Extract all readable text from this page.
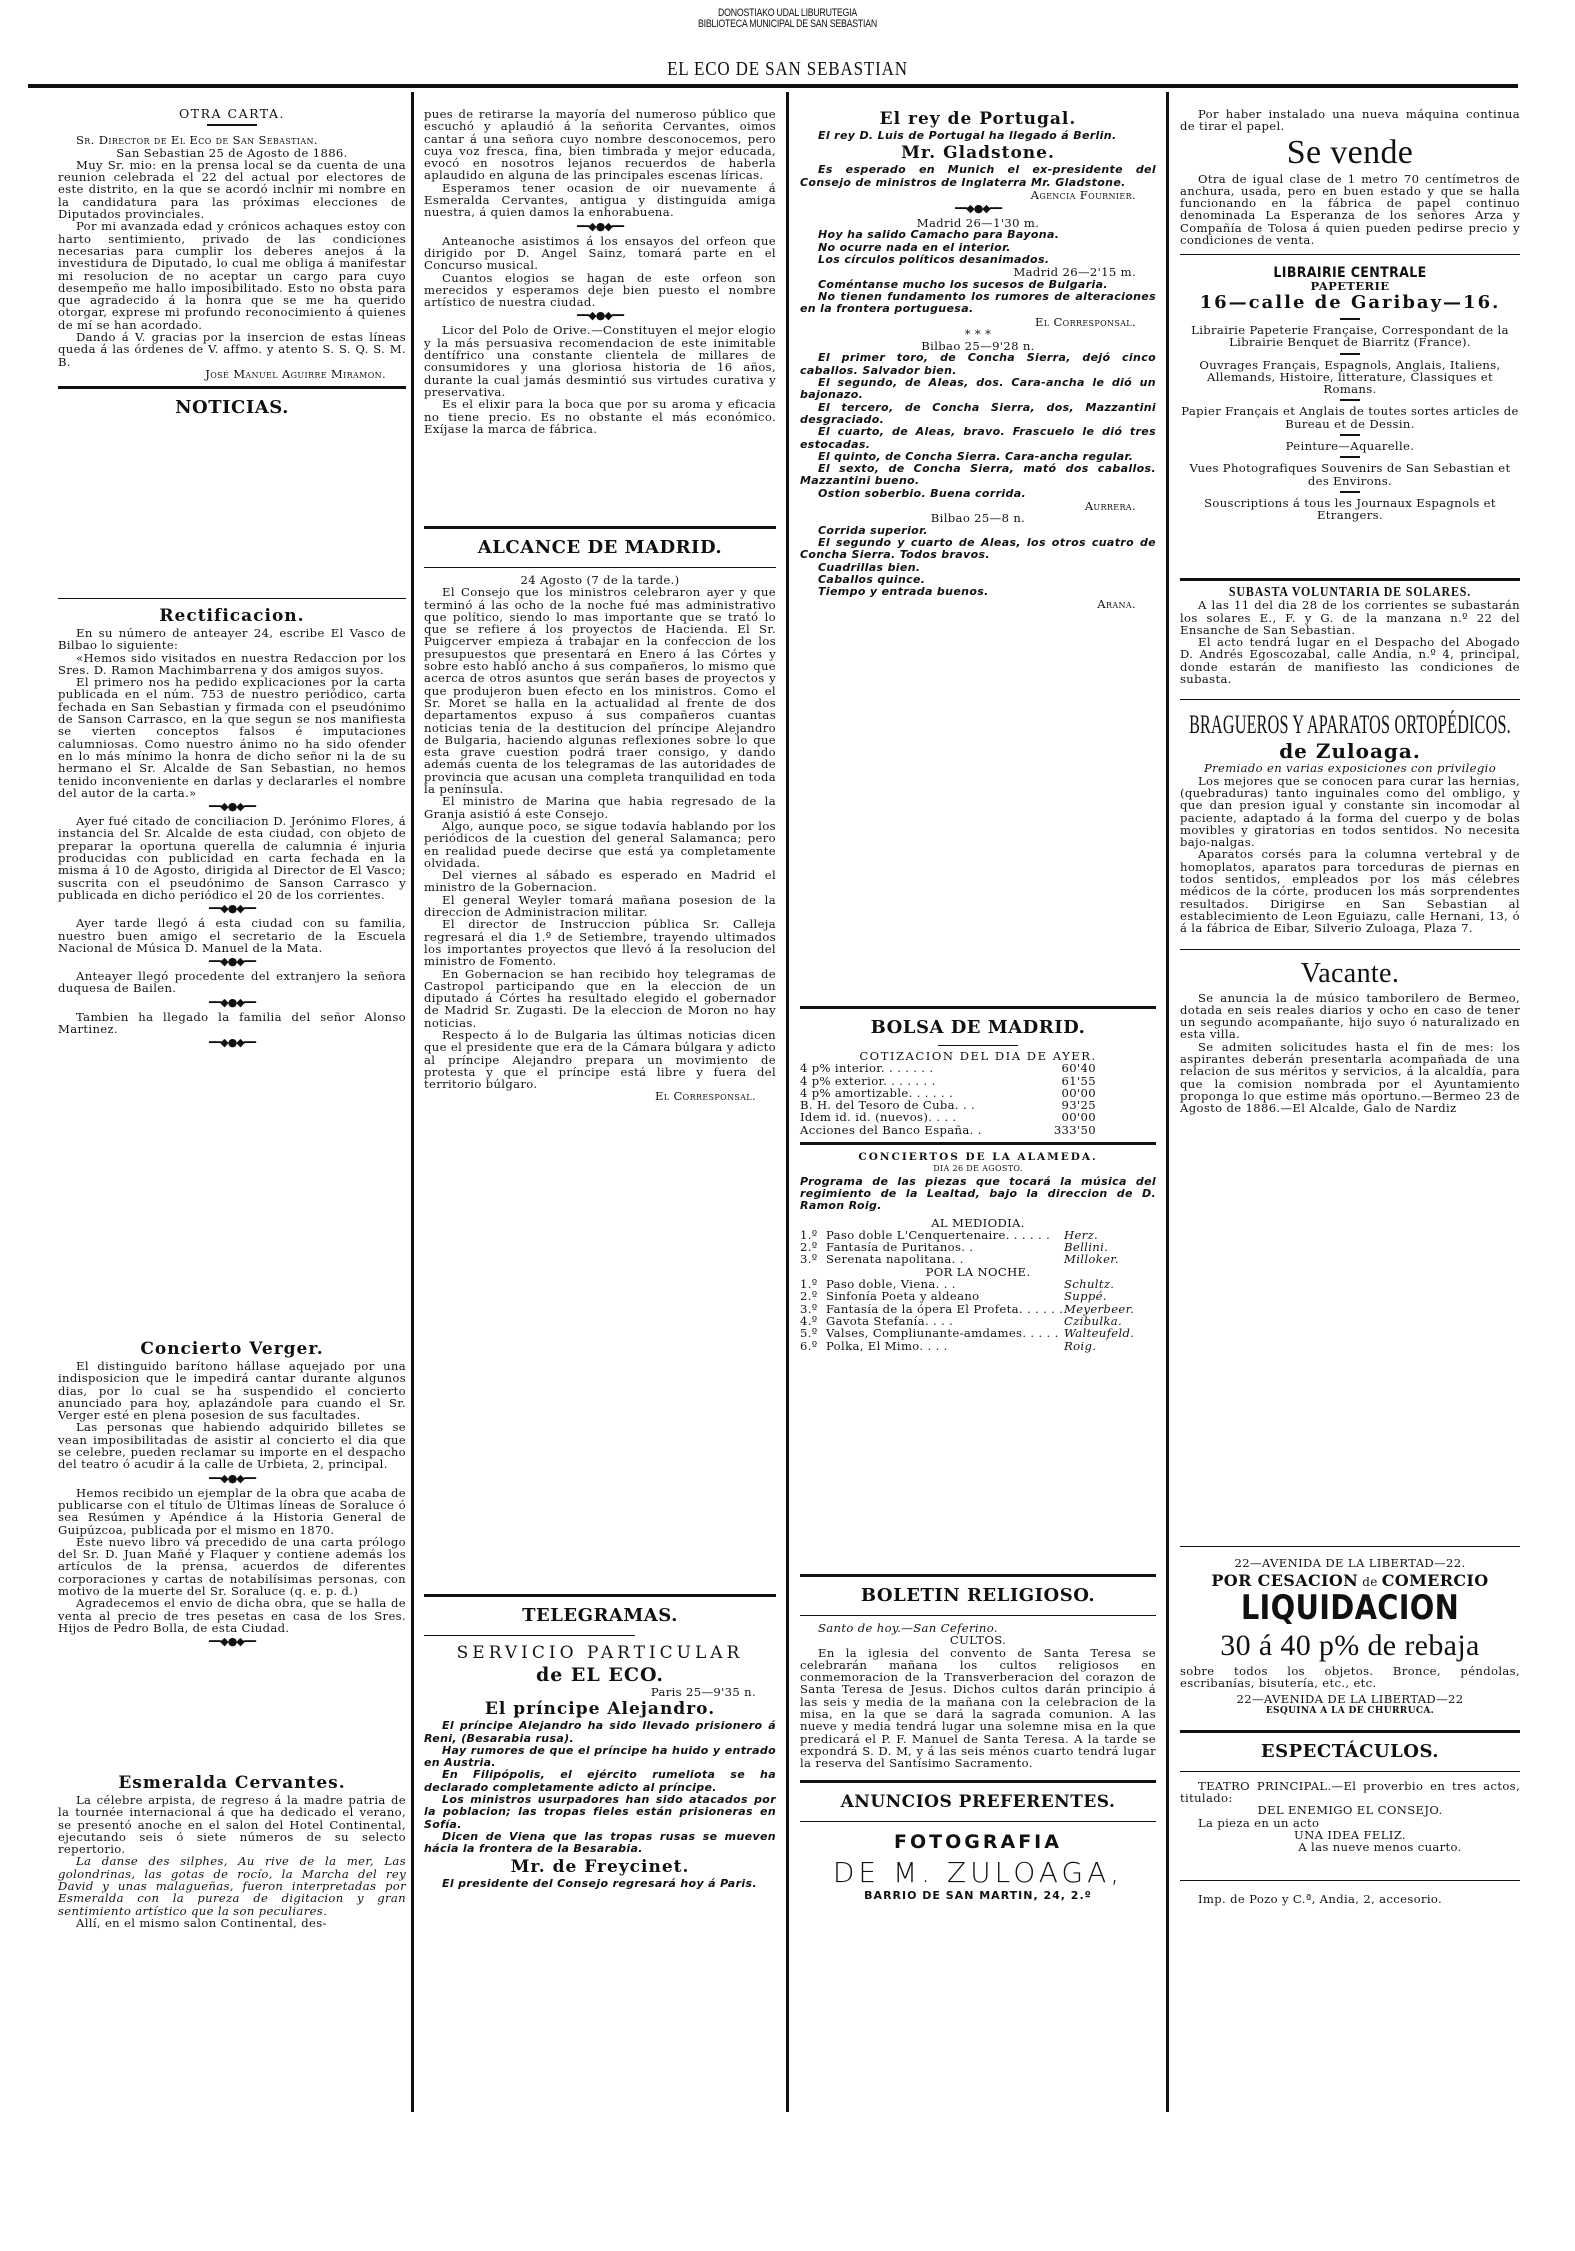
DONOSTIAKO UDAL LIBURUTEGIA
BIBLIOTECA MUNICIPAL DE SAN SEBASTIAN
EL ECO DE SAN SEBASTIAN

OTRA CARTA.

Sr. Director de El Eco de San Sebastian.

San Sebastian 25 de Agosto de 1886.

Muy Sr. mio: en la prensa local se da cuenta de una reunion celebrada el 22 del actual por electores de este distrito, en la que se acordó inclnir mi nombre en la candidatura para las próximas elecciones de Diputados provinciales.

Por mi avanzada edad y crónicos achaques estoy con harto sentimiento, privado de las condiciones necesarias para cumplir los deberes anejos á la investidura de Diputado, lo cual me obliga á manifestar mi resolucion de no aceptar un cargo para cuyo desempeño me hallo imposibilitado. Esto no obsta para que agradecido á la honra que se me ha querido otorgar, exprese mi profundo reconocimiento á quienes de mí se han acordado.

Dando á V. gracias por la insercion de estas líneas queda á las órdenes de V. affmo. y atento S. S. Q. S. M. B.

José Manuel Aguirre Miramon.

NOTICIAS.
Rectificacion.

En su número de anteayer 24, escribe El Vasco de Bilbao lo siguiente:

«Hemos sido visitados en nuestra Redaccion por los Sres. D. Ramon Machimbarrena y dos amigos suyos.

El primero nos ha pedido explicaciones por la carta publicada en el núm. 753 de nuestro periódico, carta fechada en San Sebastian y firmada con el pseudónimo de Sanson Carrasco, en la que segun se nos manifiesta se vierten conceptos falsos é imputaciones calumniosas. Como nuestro ánimo no ha sido ofender en lo más mínimo la honra de dicho señor ni la de su hermano el Sr. Alcalde de San Sebastian, no hemos tenido inconveniente en darlas y declararles el nombre del autor de la carta.»

━━◆●◆━━

Ayer fué citado de conciliacion D. Jerónimo Flores, á instancia del Sr. Alcalde de esta ciudad, con objeto de preparar la oportuna querella de calumnia é injuria producidas con publicidad en carta fechada en la misma á 10 de Agosto, dirigida al Director de El Vasco; suscrita con el pseudónimo de Sanson Carrasco y publicada en dicho periódico el 20 de los corrientes.

━━◆●◆━━

Ayer tarde llegó á esta ciudad con su familia, nuestro buen amigo el secretario de la Escuela Nacional de Música D. Manuel de la Mata.

━━◆●◆━━

Anteayer llegó procedente del extranjero la señora duquesa de Bailen.

━━◆●◆━━

Tambien ha llegado la familia del señor Alonso Martinez.

━━◆●◆━━
Concierto Verger.

El distinguido barítono hállase aquejado por una indisposicion que le impedirá cantar durante algunos dias, por lo cual se ha suspendido el concierto anunciado para hoy, aplazándole para cuando el Sr. Verger esté en plena posesion de sus facultades.

Las personas que habiendo adquirido billetes se vean imposibilitadas de asistir al concierto el dia que se celebre, pueden reclamar su importe en el despacho del teatro ó acudir á la calle de Urbieta, 2, principal.

━━◆●◆━━

Hemos recibido un ejemplar de la obra que acaba de publicarse con el título de Últimas líneas de Soraluce ó sea Resúmen y Apéndice á la Historia General de Guipúzcoa, publicada por el mismo en 1870.

Este nuevo libro vá precedido de una carta prólogo del Sr. D. Juan Mañé y Flaquer y contiene además los artículos de la prensa, acuerdos de diferentes corporaciones y cartas de notabilísimas personas, con motivo de la muerte del Sr. Soraluce (q. e. p. d.)

Agradecemos el envio de dicha obra, que se halla de venta al precio de tres pesetas en casa de los Sres. Hijos de Pedro Bolla, de esta Ciudad.

━━◆●◆━━
Esmeralda Cervantes.

La célebre arpista, de regreso á la madre patria de la tournée internacional á que ha dedicado el verano, se presentó anoche en el salon del Hotel Continental, ejecutando seis ó siete números de su selecto repertorio.

La danse des silphes, Au rive de la mer, Las golondrinas, las gotas de rocío, la Marcha del rey David y unas malagueñas, fueron interpretadas por Esmeralda con la pureza de digitacion y gran sentimiento artístico que la son peculiares.

Allí, en el mismo salon Continental, des-

pues de retirarse la mayoría del numeroso público que escuchó y aplaudió á la señorita Cervantes, oimos cantar á una señora cuyo nombre desconocemos, pero cuya voz fresca, fina, bien timbrada y mejor educada, evocó en nosotros lejanos recuerdos de haberla aplaudido en alguna de las principales escenas líricas.

Esperamos tener ocasion de oir nuevamente á Esmeralda Cervantes, antigua y distinguida amiga nuestra, á quien damos la enhorabuena.

━━◆●◆━━

Anteanoche asistimos á los ensayos del orfeon que dirigido por D. Angel Sainz, tomará parte en el Concurso musical.

Cuantos elogios se hagan de este orfeon son merecidos y esperamos deje bien puesto el nombre artístico de nuestra ciudad.

━━◆●◆━━

Licor del Polo de Orive.—Constituyen el mejor elogio y la más persuasiva recomendacion de este inimitable dentífrico una constante clientela de millares de consumidores y una gloriosa historia de 16 años, durante la cual jamás desmintió sus virtudes curativa y preservativa.

Es el elixir para la boca que por su aroma y eficacia no tiene precio. Es no obstante el más económico. Exíjase la marca de fábrica.

ALCANCE DE MADRID.

24 Agosto (7 de la tarde.)

El Consejo que los ministros celebraron ayer y que terminó á las ocho de la noche fué mas administrativo que político, siendo lo mas importante que se trató lo que se refiere á los proyectos de Hacienda. El Sr. Puigcerver empieza á trabajar en la confeccion de los presupuestos que presentará en Enero á las Córtes y sobre esto habló ancho á sus compañeros, lo mismo que acerca de otros asuntos que serán bases de proyectos y que produjeron buen efecto en los ministros. Como el Sr. Moret se halla en la actualidad al frente de dos departamentos expuso á sus compañeros cuantas noticias tenia de la destitucion del príncipe Alejandro de Bulgaria, haciendo algunas reflexiones sobre lo que esta grave cuestion podrá traer consigo, y dando además cuenta de los telegramas de las autoridades de provincia que acusan una completa tranquilidad en toda la península.

El ministro de Marina que habia regresado de la Granja asistió á este Consejo.

Algo, aunque poco, se sigue todavía hablando por los periódicos de la cuestion del general Salamanca; pero en realidad puede decirse que está ya completamente olvidada.

Del viernes al sábado es esperado en Madrid el ministro de la Gobernacion.

El general Weyler tomará mañana posesion de la direccion de Administracion militar.

El director de Instruccion pública Sr. Calleja regresará el dia 1.º de Setiembre, trayendo ultimados los importantes proyectos que llevó á la resolucion del ministro de Fomento.

En Gobernacion se han recibido hoy telegramas de Castropol participando que en la eleccion de un diputado á Córtes ha resultado elegido el gobernador de Madrid Sr. Zugasti. De la eleccion de Moron no hay noticias.

Respecto á lo de Bulgaria las últimas noticias dicen que el presidente que era de la Cámara búlgara y adicto al príncipe Alejandro prepara un movimiento de protesta y que el príncipe está libre y fuera del territorio búlgaro.

El Corresponsal.

TELEGRAMAS.
SERVICIO PARTICULAR
de EL ECO.

Paris 25—9'35 n.

El príncipe Alejandro.

El príncipe Alejandro ha sido llevado prisionero á Reni, (Besarabia rusa).

Hay rumores de que el príncipe ha huido y entrado en Austria.

En Filipópolis, el ejército rumeliota se ha declarado completamente adicto al príncipe.

Los ministros usurpadores han sido atacados por la poblacion; las tropas fieles están prisioneras en Sofía.

Dicen de Viena que las tropas rusas se mueven hácia la frontera de la Besarabia.

Mr. de Freycinet.

El presidente del Consejo regresará hoy á Paris.

El rey de Portugal.

El rey D. Luis de Portugal ha llegado á Berlin.

Mr. Gladstone.

Es esperado en Munich el ex-presidente del Consejo de ministros de Inglaterra Mr. Gladstone.

Agencia Fournier.

━━◆●◆━━

Madrid 26—1'30 m.

Hoy ha salido Camacho para Bayona.

No ocurre nada en el interior.

Los círculos políticos desanimados.

Madrid 26—2'15 m.

Coméntanse mucho los sucesos de Bulgaria.

No tienen fundamento los rumores de alteraciones en la frontera portuguesa.

El Corresponsal.

* * *

Bilbao 25—9'28 n.

El primer toro, de Concha Sierra, dejó cinco caballos. Salvador bien.

El segundo, de Aleas, dos. Cara-ancha le dió un bajonazo.

El tercero, de Concha Sierra, dos, Mazzantini desgraciado.

El cuarto, de Aleas, bravo. Frascuelo le dió tres estocadas.

El quinto, de Concha Sierra. Cara-ancha regular.

El sexto, de Concha Sierra, mató dos caballos. Mazzantini bueno.

Ostion soberbio. Buena corrida.

Aurrera.

Bilbao 25—8 n.

Corrida superior.

El segundo y cuarto de Aleas, los otros cuatro de Concha Sierra. Todos bravos.

Cuadrillas bien.

Caballos quince.

Tiempo y entrada buenos.

Arana.

BOLSA DE MADRID.

COTIZACION DEL DIA DE AYER.

4 p% interior. . . . . . .	60'40
4 p% exterior. . . . . . .	61'55
4 p% amortizable. . . . . .	00'00
B. H. del Tesoro de Cuba. . .	93'25
Idem id. id. (nuevos). . . .	00'00
Acciones del Banco España. .	333'50

CONCIERTOS DE LA ALAMEDA.

DIA 26 DE AGOSTO.

Programa de las piezas que tocará la música del regimiento de la Lealtad, bajo la direccion de D. Ramon Roig.

AL MEDIODIA.

1.º	Paso doble L'Cenquertenaire. . . . . .	Herz.
2.º	Fantasía de Puritanos. .	Bellini.
3.º	Serenata napolitana. .	Milloker.

POR LA NOCHE.

1.º	Paso doble, Viena. . .	Schultz.
2.º	Sinfonía Poeta y aldeano	Suppé.
3.º	Fantasía de la ópera El Profeta. . . . . .	Meyerbeer.
4.º	Gavota Stefanía. . . .	Czibulka.
5.º	Valses, Compliunante-amdames. . . . .	Walteufeld.
6.º	Polka, El Mimo. . . .	Roig.
BOLETIN RELIGIOSO.

Santo de hoy.—San Ceferino.

CULTOS.

En la iglesia del convento de Santa Teresa se celebrarán mañana los cultos religiosos en conmemoracion de la Transverberacion del corazon de Santa Teresa de Jesus. Dichos cultos darán principio á las seis y media de la mañana con la celebracion de la misa, en la que se dará la sagrada comunion. A las nueve y media tendrá lugar una solemne misa en la que predicará el P. F. Manuel de Santa Teresa. A la tarde se expondrá S. D. M, y á las seis ménos cuarto tendrá lugar la reserva del Santísimo Sacramento.

ANUNCIOS PREFERENTES.
FOTOGRAFIA
DE M. ZULOAGA,
BARRIO DE SAN MARTIN, 24, 2.º

Por haber instalado una nueva máquina continua de tirar el papel.

Se vende

Otra de igual clase de 1 metro 70 centímetros de anchura, usada, pero en buen estado y que se halla funcionando en la fábrica de papel continuo denominada La Esperanza de los señores Arza y Compañía de Tolosa á quien pueden pedirse precio y condiciones de venta.

LIBRAIRIE CENTRALE

PAPETERIE

16—calle de Garibay—16.

Librairie Papeterie Française, Correspondant de la Librairie Benquet de Biarritz (France).

Ouvrages Français, Espagnols, Anglais, Italiens, Allemands, Histoire, litterature, Classiques et Romans.

Papier Français et Anglais de toutes sortes articles de Bureau et de Dessin.

Peinture—Aquarelle.

Vues Photografiques Souvenirs de San Sebastian et des Environs.

Souscriptions á tous les Journaux Espagnols et Etrangers.

SUBASTA VOLUNTARIA DE SOLARES.

A las 11 del dia 28 de los corrientes se subastarán los solares E., F. y G. de la manzana n.º 22 del Ensanche de San Sebastian.

El acto tendrá lugar en el Despacho del Abogado D. Andrés Egoscozabal, calle Andia, n.º 4, principal, donde estarán de manifiesto las condiciones de subasta.

BRAGUEROS Y APARATOS ORTOPÉDICOS.
de Zuloaga.

Premiado en varias exposiciones con privilegio

Los mejores que se conocen para curar las hernias, (quebraduras) tanto inguinales como del ombligo, y que dan presion igual y constante sin incomodar al paciente, adaptado á la forma del cuerpo y de bolas movibles y giratorias en todos sentidos. No necesita bajo-nalgas.

Aparatos corsés para la columna vertebral y de homoplatos, aparatos para torceduras de piernas en todos sentidos, empleados por los más célebres médicos de la córte, producen los más sorprendentes resultados. Dirigirse en San Sebastian al establecimiento de Leon Eguiazu, calle Hernani, 13, ó á la fábrica de Eibar, Silverio Zuloaga, Plaza 7.

Vacante.

Se anuncia la de músico tamborilero de Bermeo, dotada en seis reales diarios y ocho en caso de tener un segundo acompañante, hijo suyo ó naturalizado en esta villa.

Se admiten solicitudes hasta el fin de mes: los aspirantes deberán presentarla acompañada de una relacion de sus méritos y servicios, á la alcaldía, para que la comision nombrada por el Ayuntamiento proponga lo que estime más oportuno.—Bermeo 23 de Agosto de 1886.—El Alcalde, Galo de Nardiz

22—AVENIDA DE LA LIBERTAD—22.

POR CESACION de COMERCIO
LIQUIDACION
30 á 40 p% de rebaja

sobre todos los objetos. Bronce, péndolas, escribanías, bisutería, etc., etc.

22—AVENIDA DE LA LIBERTAD—22

ESQUINA A LA DE CHURRUCA.

ESPECTÁCULOS.

TEATRO PRINCIPAL.—El proverbio en tres actos, titulado:

DEL ENEMIGO EL CONSEJO.

La pieza en un acto

UNA IDEA FELIZ.

A las nueve menos cuarto.

Imp. de Pozo y C.ª, Andia, 2, accesorio.
